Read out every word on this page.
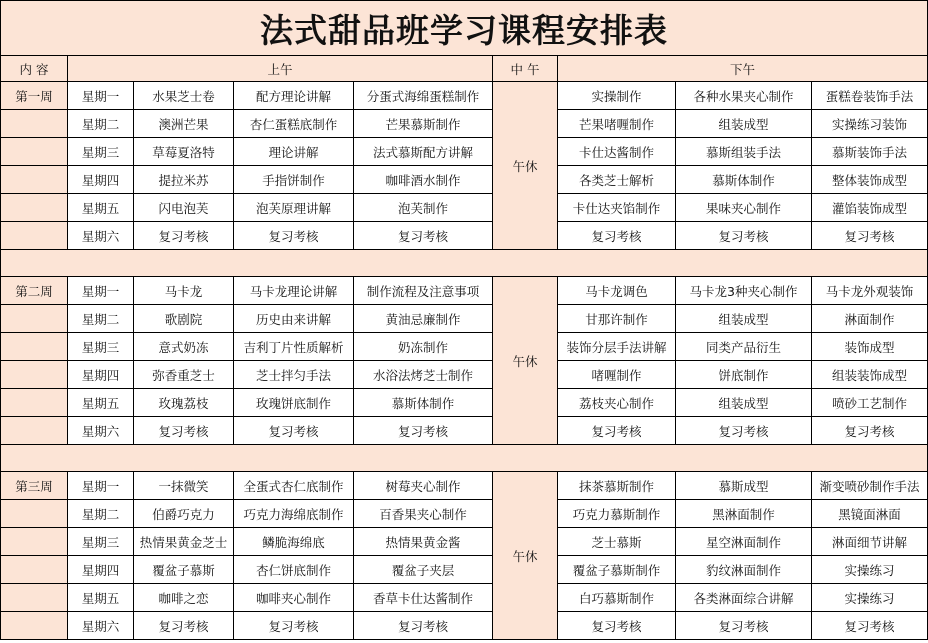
法式甜品班学习课程安排表
内 容	上午				中 午	下午		
第一周	星期一	水果芝士卷	配方理论讲解	分蛋式海绵蛋糕制作	午休	实操制作	各种水果夹心制作	蛋糕卷装饰手法
	星期二	澳洲芒果	杏仁蛋糕底制作	芒果慕斯制作		芒果啫喱制作	组装成型	实操练习装饰
	星期三	草莓夏洛特	理论讲解	法式慕斯配方讲解		卡仕达酱制作	慕斯组装手法	慕斯装饰手法
	星期四	提拉米苏	手指饼制作	咖啡酒水制作		各类芝士解析	慕斯体制作	整体装饰成型
	星期五	闪电泡芙	泡芙原理讲解	泡芙制作		卡仕达夹馅制作	果味夹心制作	灌馅装饰成型
	星期六	复习考核	复习考核	复习考核		复习考核	复习考核	复习考核

第二周	星期一	马卡龙	马卡龙理论讲解	制作流程及注意事项	午休	马卡龙调色	马卡龙3种夹心制作	马卡龙外观装饰
	星期二	歌剧院	历史由来讲解	黄油忌廉制作		甘那许制作	组装成型	淋面制作
	星期三	意式奶冻	吉利丁片性质解析	奶冻制作		装饰分层手法讲解	同类产品衍生	装饰成型
	星期四	弥香重芝士	芝士拌匀手法	水浴法烤芝士制作		啫喱制作	饼底制作	组装装饰成型
	星期五	玫瑰荔枝	玫瑰饼底制作	慕斯体制作		荔枝夹心制作	组装成型	喷砂工艺制作
	星期六	复习考核	复习考核	复习考核		复习考核	复习考核	复习考核

第三周	星期一	一抹微笑	全蛋式杏仁底制作	树莓夹心制作	午休	抹茶慕斯制作	慕斯成型	渐变喷砂制作手法
	星期二	伯爵巧克力	巧克力海绵底制作	百香果夹心制作		巧克力慕斯制作	黑淋面制作	黑镜面淋面
	星期三	热情果黄金芝士	鳞脆海绵底	热情果黄金酱		芝士慕斯	星空淋面制作	淋面细节讲解
	星期四	覆盆子慕斯	杏仁饼底制作	覆盆子夹层		覆盆子慕斯制作	豹纹淋面制作	实操练习
	星期五	咖啡之恋	咖啡夹心制作	香草卡仕达酱制作		白巧慕斯制作	各类淋面综合讲解	实操练习
	星期六	复习考核	复习考核	复习考核		复习考核	复习考核	复习考核
